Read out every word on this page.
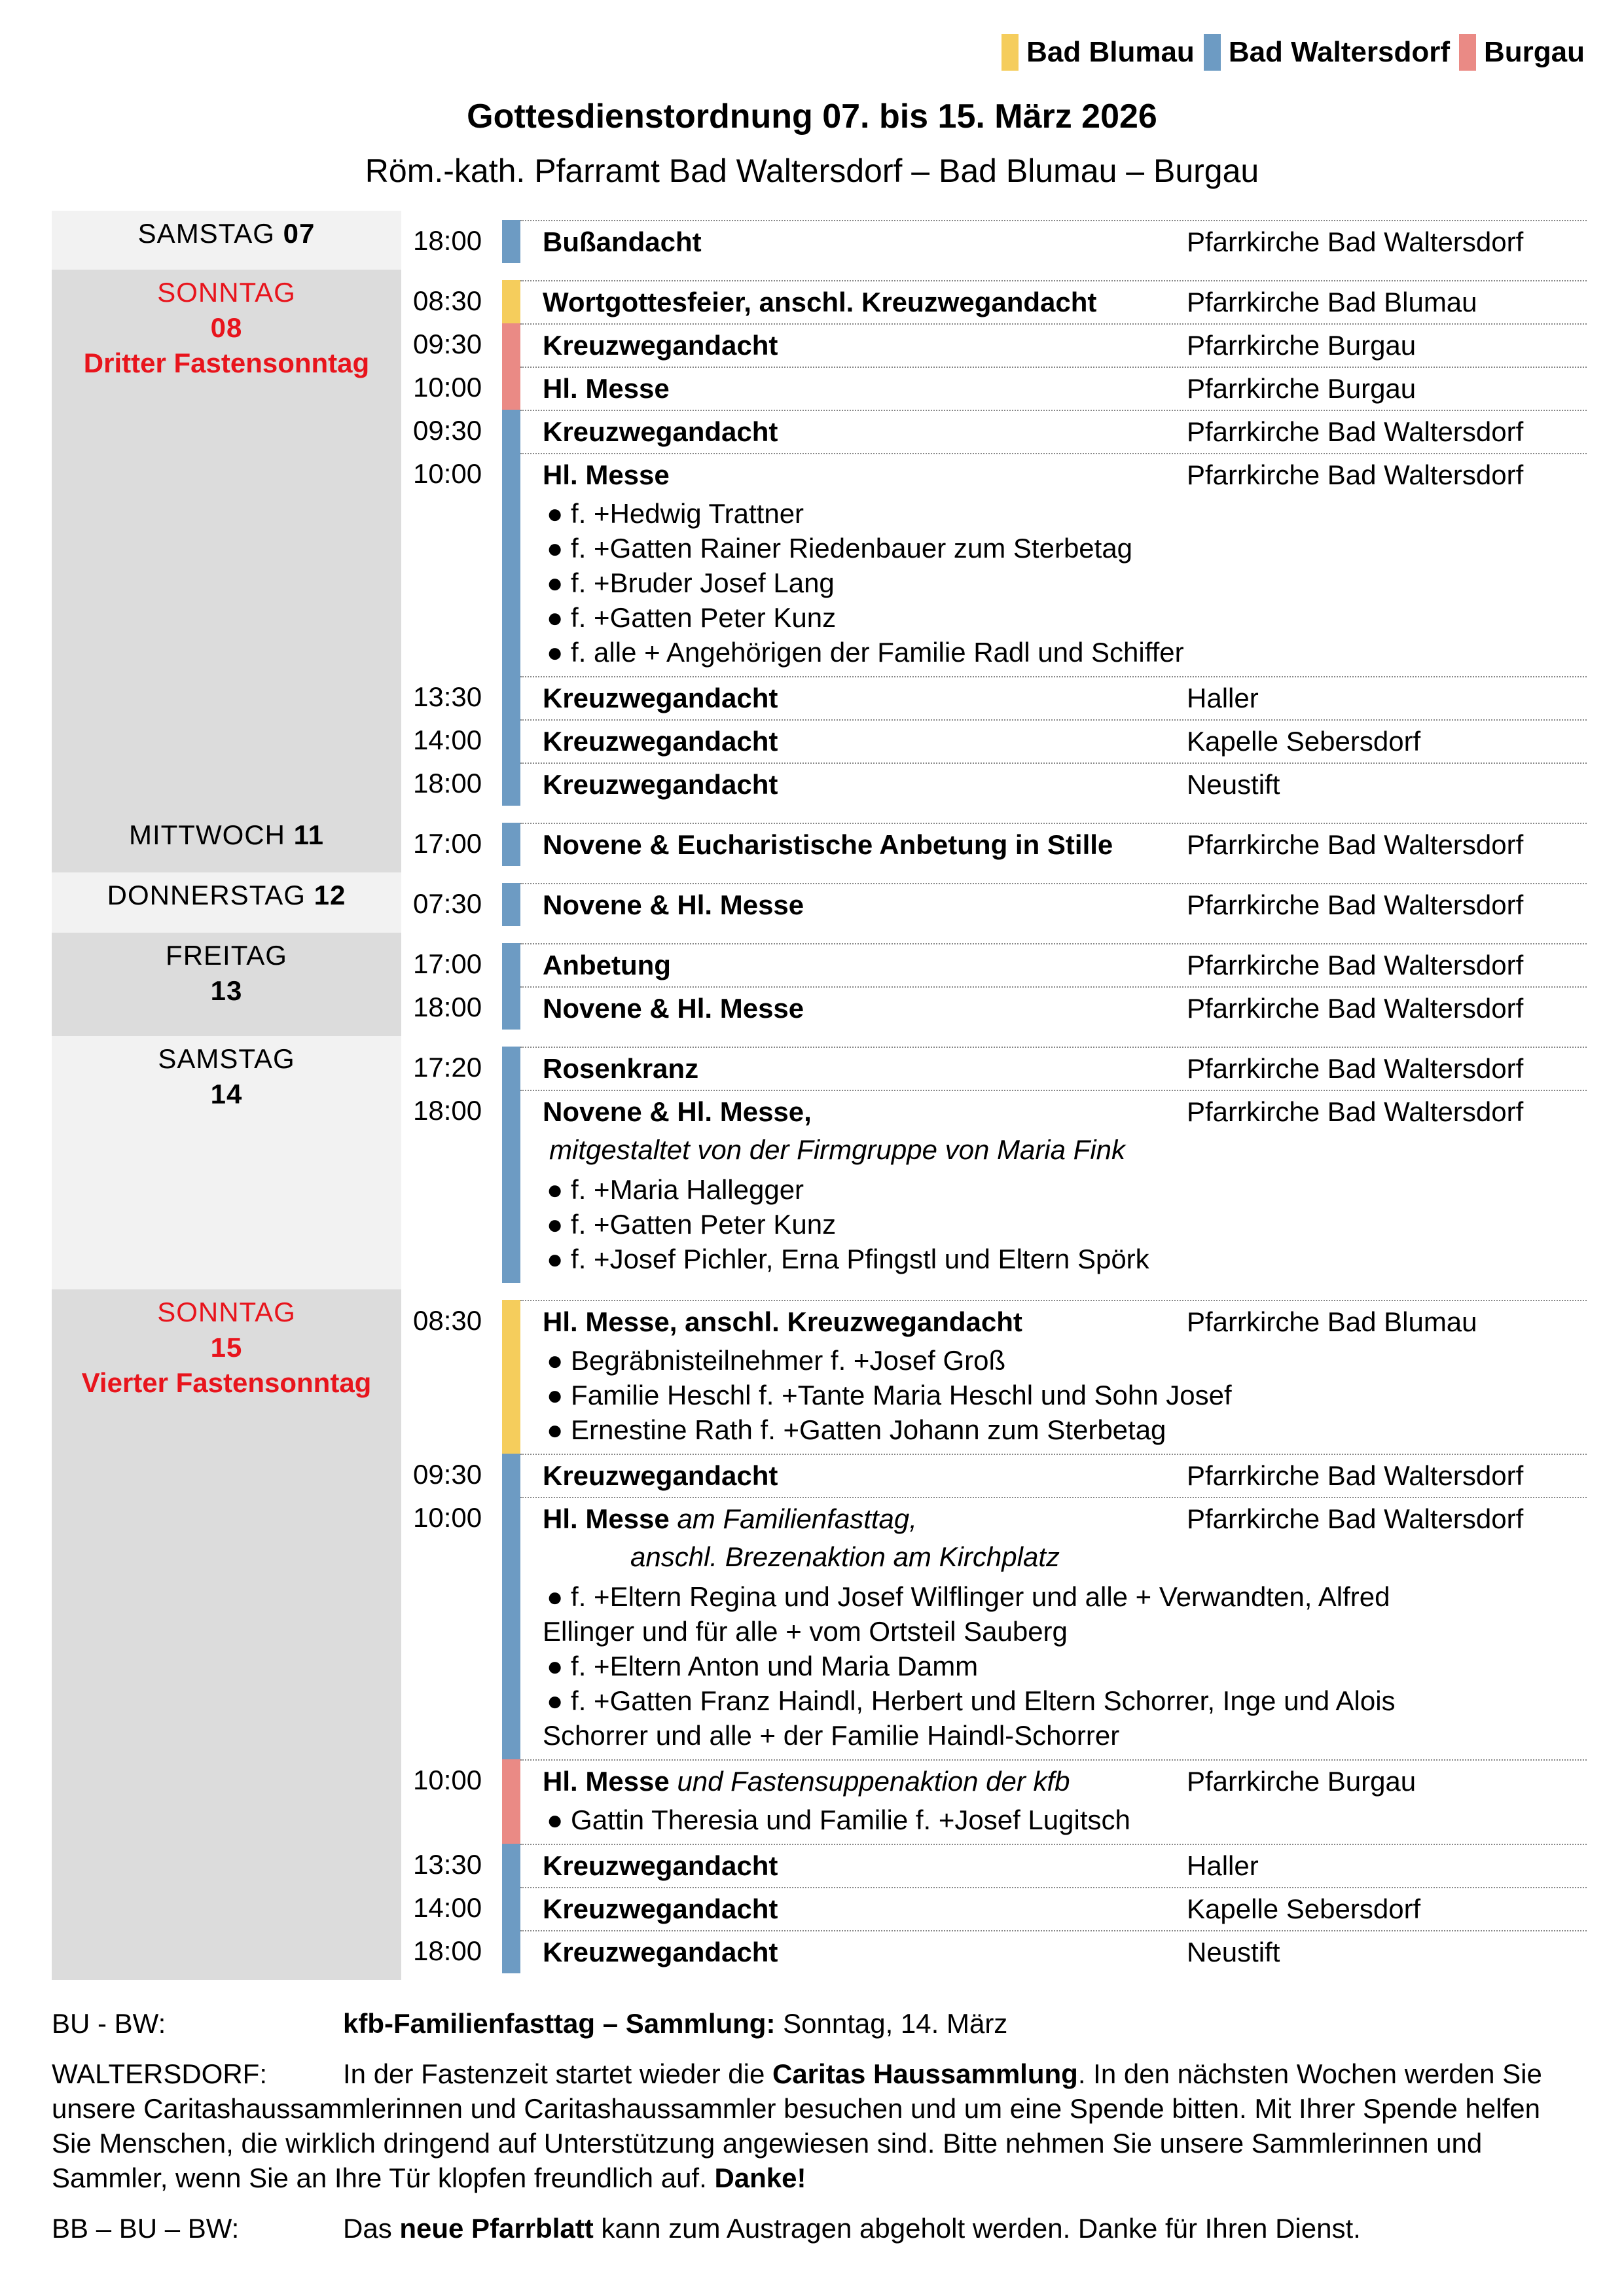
Bad Blumau Bad Waltersdorf Burgau
Gottesdienstordnung 07. bis 15. März 2026
Röm.-kath. Pfarramt Bad Waltersdorf – Bad Blumau – Burgau
SAMSTAG 07	18:00	Bußandacht	Pfarrkirche Bad Waltersdorf
SONNTAG
08
Dritter Fastensonntag
08:30	Wortgottesfeier, anschl. Kreuzwegandacht	Pfarrkirche Bad Blumau
09:30	Kreuzwegandacht	Pfarrkirche Burgau
10:00	Hl. Messe	Pfarrkirche Burgau
09:30	Kreuzwegandacht	Pfarrkirche Bad Waltersdorf
10:00	Hl. Messe	Pfarrkirche Bad Waltersdorf
● f. +Hedwig Trattner
● f. +Gatten Rainer Riedenbauer zum Sterbetag
● f. +Bruder Josef Lang
● f. +Gatten Peter Kunz
● f. alle + Angehörigen der Familie Radl und Schiffer
13:30	Kreuzwegandacht	Haller
14:00	Kreuzwegandacht	Kapelle Sebersdorf
18:00	Kreuzwegandacht	Neustift
MITTWOCH 11	17:00	Novene & Eucharistische Anbetung in Stille	Pfarrkirche Bad Waltersdorf
DONNERSTAG 12	07:30	Novene & Hl. Messe	Pfarrkirche Bad Waltersdorf
FREITAG
13
17:00	Anbetung	Pfarrkirche Bad Waltersdorf
18:00	Novene & Hl. Messe	Pfarrkirche Bad Waltersdorf
SAMSTAG
14
17:20	Rosenkranz	Pfarrkirche Bad Waltersdorf
18:00	Novene & Hl. Messe,	Pfarrkirche Bad Waltersdorf
mitgestaltet von der Firmgruppe von Maria Fink
● f. +Maria Hallegger
● f. +Gatten Peter Kunz
● f. +Josef Pichler, Erna Pfingstl und Eltern Spörk
SONNTAG
15
Vierter Fastensonntag
08:30	Hl. Messe, anschl. Kreuzwegandacht	Pfarrkirche Bad Blumau
● Begräbnisteilnehmer f. +Josef Groß
● Familie Heschl f. +Tante Maria Heschl und Sohn Josef
● Ernestine Rath f. +Gatten Johann zum Sterbetag
09:30	Kreuzwegandacht	Pfarrkirche Bad Waltersdorf
10:00	Hl. Messe am Familienfasttag,	Pfarrkirche Bad Waltersdorf
anschl. Brezenaktion am Kirchplatz
● f. +Eltern Regina und Josef Wilflinger und alle + Verwandten, Alfred
Ellinger und für alle + vom Ortsteil Sauberg
● f. +Eltern Anton und Maria Damm
● f. +Gatten Franz Haindl, Herbert und Eltern Schorrer, Inge und Alois
Schorrer und alle + der Familie Haindl-Schorrer
10:00	Hl. Messe und Fastensuppenaktion der kfb	Pfarrkirche Burgau
● Gattin Theresia und Familie f. +Josef Lugitsch
13:30	Kreuzwegandacht	Haller
14:00	Kreuzwegandacht	Kapelle Sebersdorf
18:00	Kreuzwegandacht	Neustift
BU - BW:	kfb-Familienfasttag – Sammlung: Sonntag, 14. März
WALTERSDORF:	In der Fastenzeit startet wieder die Caritas Haussammlung. In den nächsten Wochen werden Sie unsere Caritashaussammlerinnen und Caritashaussammler besuchen und um eine Spende bitten. Mit Ihrer Spende helfen Sie Menschen, die wirklich dringend auf Unterstützung angewiesen sind. Bitte nehmen Sie unsere Sammlerinnen und Sammler, wenn Sie an Ihre Tür klopfen freundlich auf. Danke!
BB – BU – BW:	Das neue Pfarrblatt kann zum Austragen abgeholt werden. Danke für Ihren Dienst.
